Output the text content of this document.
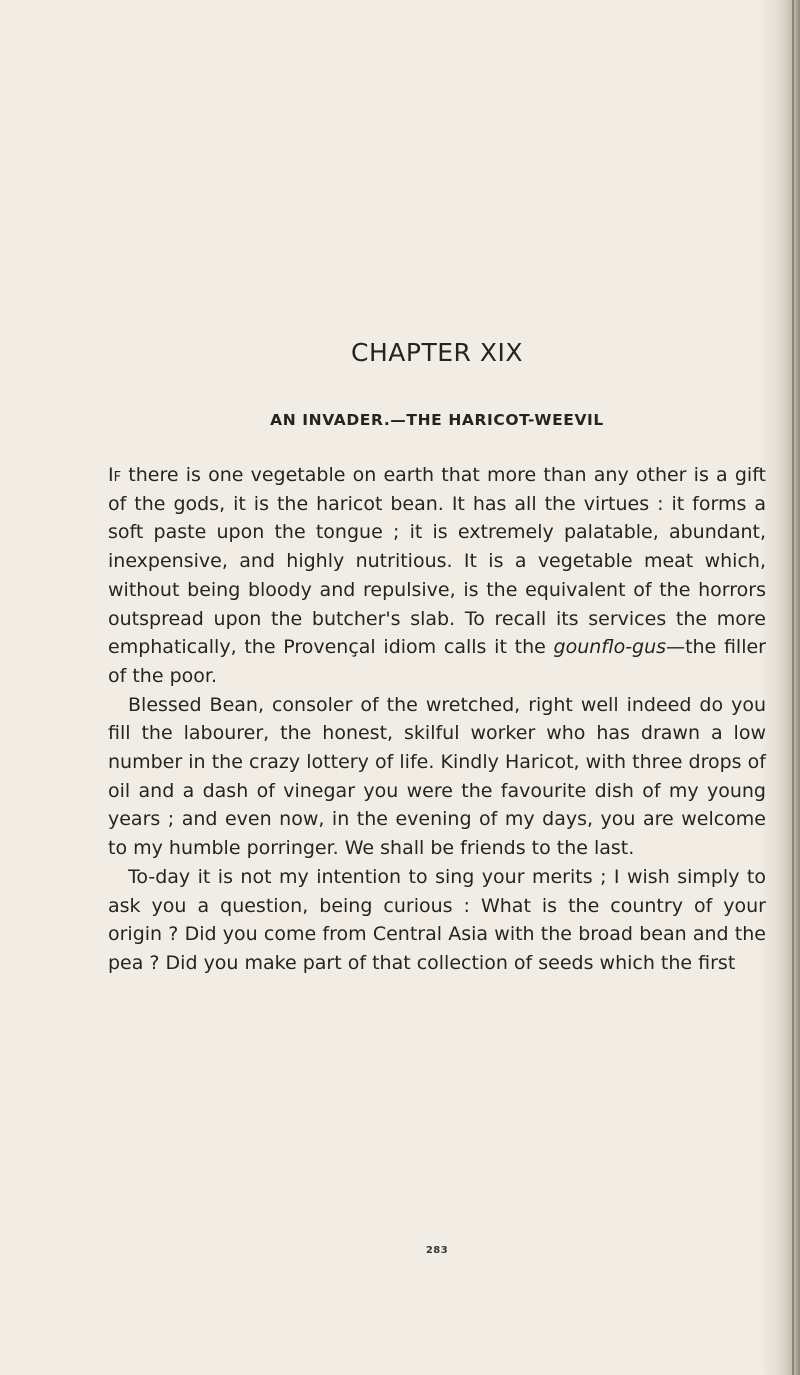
CHAPTER XIX
AN INVADER.—THE HARICOT-WEEVIL

If there is one vegetable on earth that more than any other is a gift of the gods, it is the haricot bean. It has all the virtues : it forms a soft paste upon the tongue ; it is extremely palatable, abundant, inexpensive, and highly nutritious. It is a vegetable meat which, without being bloody and repulsive, is the equivalent of the horrors outspread upon the butcher's slab. To recall its services the more emphatically, the Provençal idiom calls it the gounflo-gus—the filler of the poor.

Blessed Bean, consoler of the wretched, right well indeed do you fill the labourer, the honest, skilful worker who has drawn a low number in the crazy lottery of life. Kindly Haricot, with three drops of oil and a dash of vinegar you were the favourite dish of my young years ; and even now, in the evening of my days, you are welcome to my humble porringer. We shall be friends to the last.

To-day it is not my intention to sing your merits ; I wish simply to ask you a question, being curious : What is the country of your origin ? Did you come from Central Asia with the broad bean and the pea ? Did you make part of that collection of seeds which the first

283
